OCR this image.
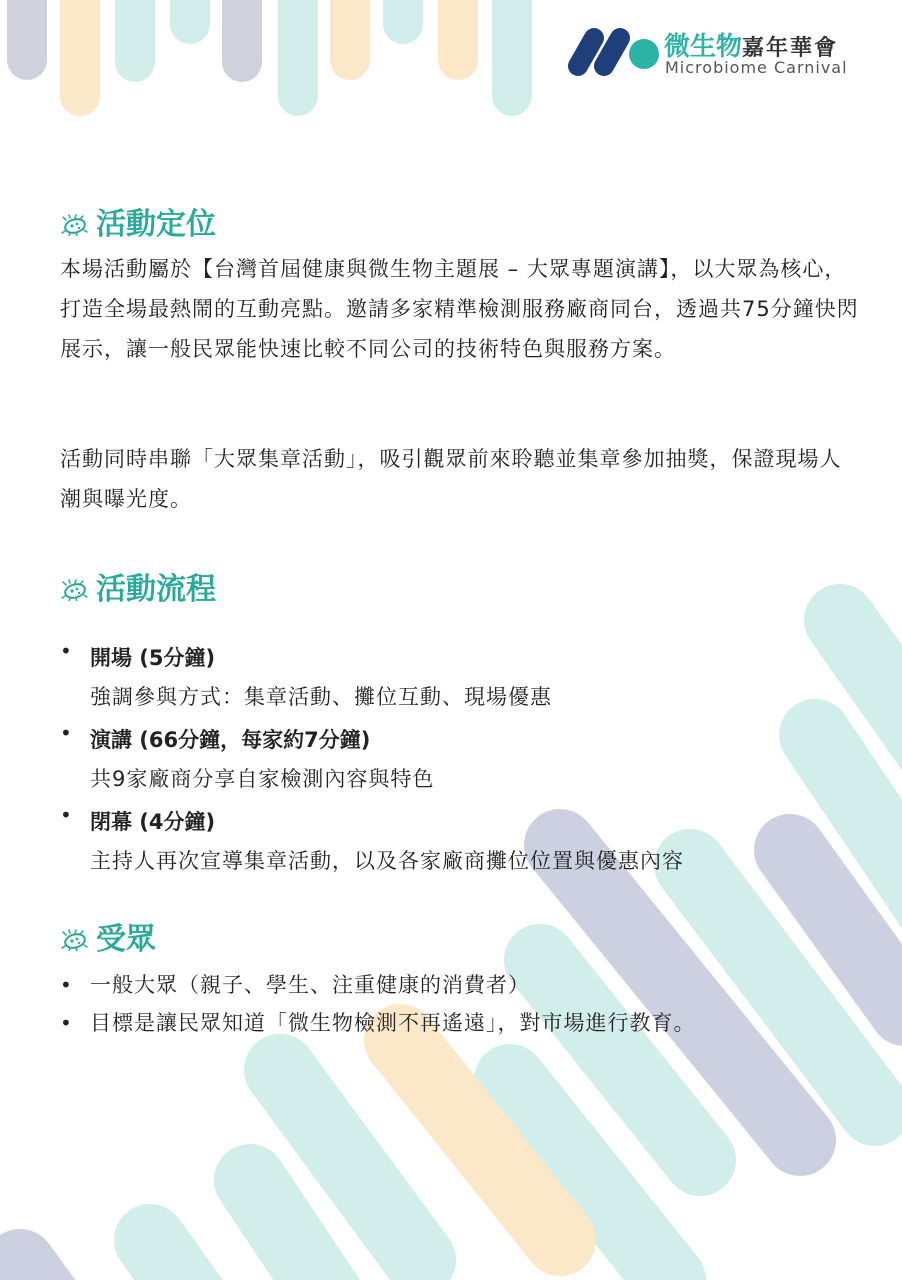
微生物嘉年華會
Microbiome Carnival
活動定位

本場活動屬於【台灣首屆健康與微生物主題展 – 大眾專題演講】，以大眾為核心，打造全場最熱鬧的互動亮點。邀請多家精準檢測服務廠商同台，透過共75分鐘快閃展示，讓一般民眾能快速比較不同公司的技術特色與服務方案。

活動同時串聯「大眾集章活動」，吸引觀眾前來聆聽並集章參加抽獎，保證現場人潮與曝光度。

活動流程
• 開場 (5分鐘)
強調參與方式：集章活動、攤位互動、現場優惠
• 演講 (66分鐘，每家約7分鐘)
共9家廠商分享自家檢測內容與特色
• 閉幕 (4分鐘)
主持人再次宣導集章活動，以及各家廠商攤位位置與優惠內容
受眾
• 一般大眾（親子、學生、注重健康的消費者）
• 目標是讓民眾知道「微生物檢測不再遙遠」，對市場進行教育。
